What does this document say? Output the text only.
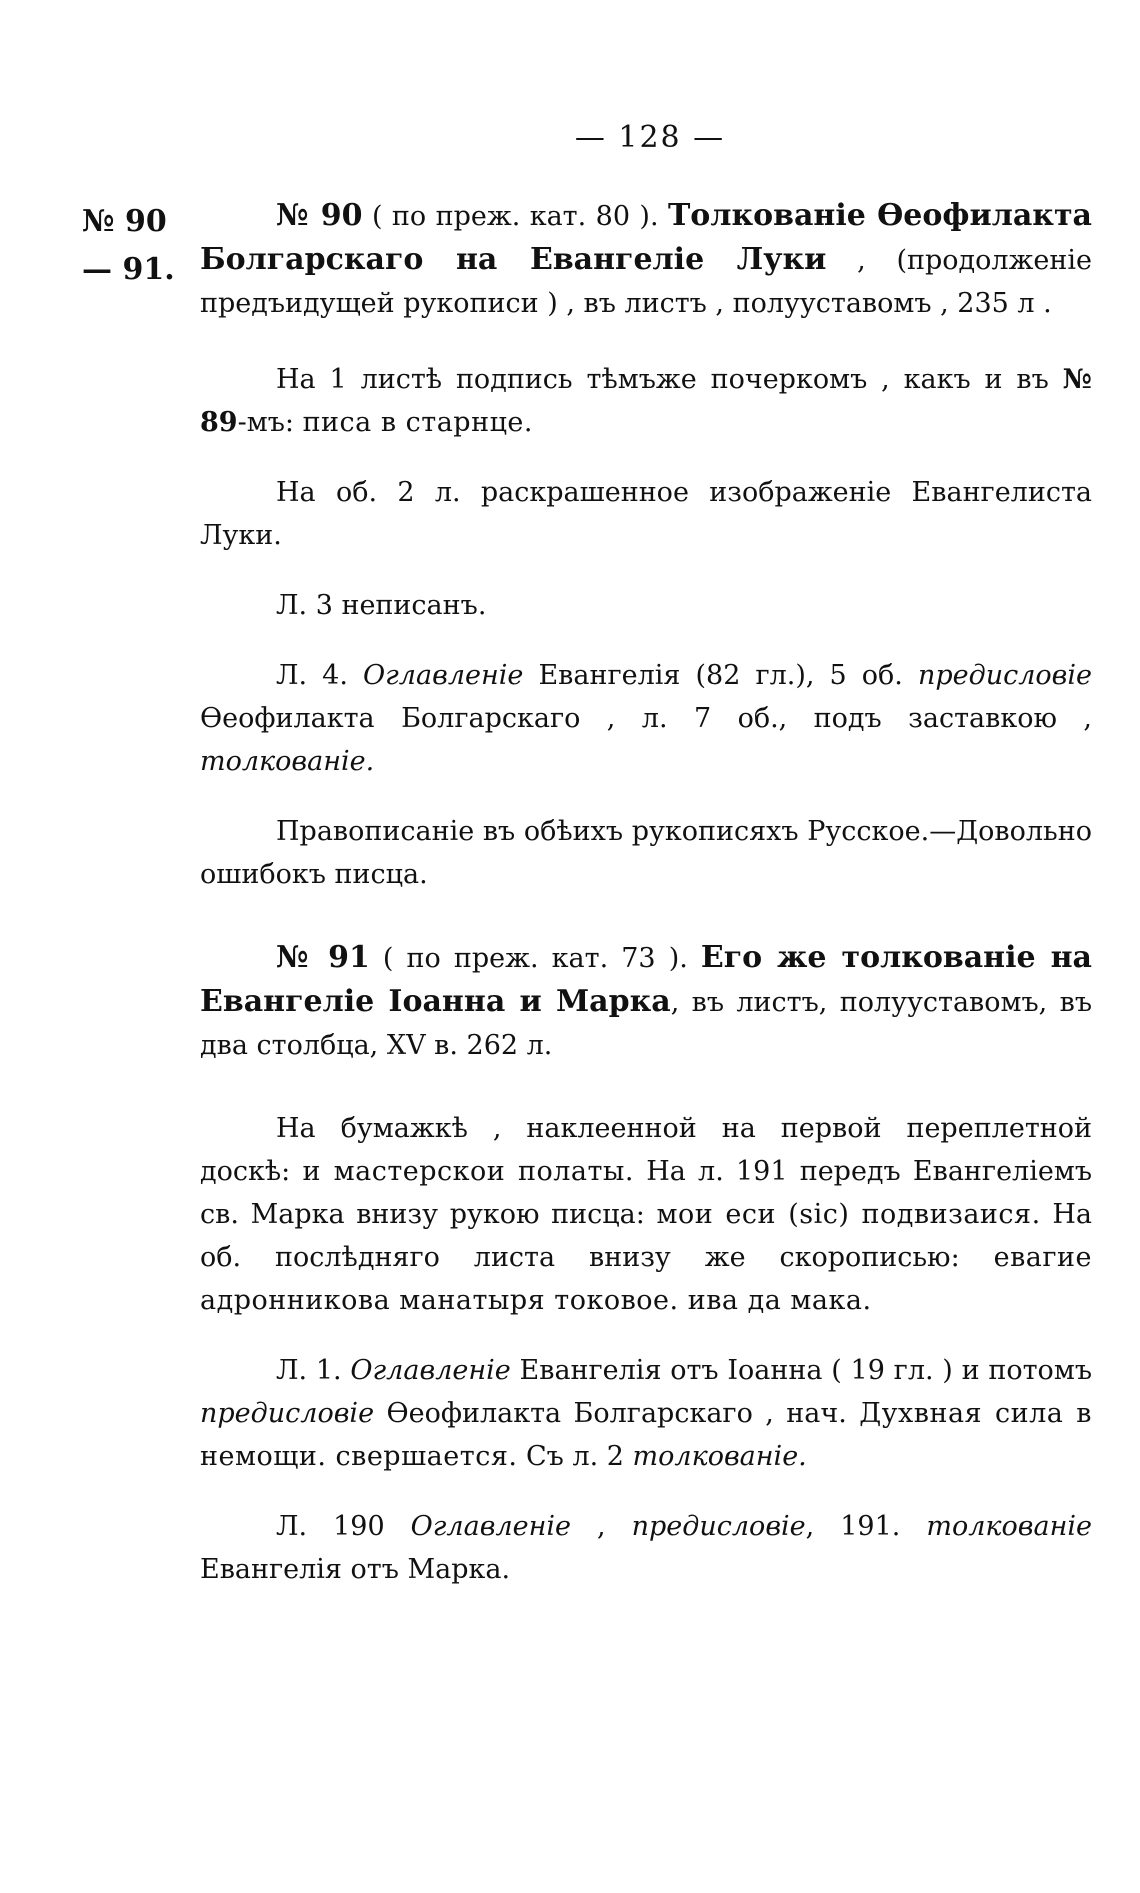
— 128 —
№ 90
— 91.

№ 90 ( по преж. кат. 80 ). Толкованіе Ѳеофилакта Болгарскаго на Евангеліе Луки , (продолженіе предъидущей рукописи ) , въ листъ , полууставомъ , 235 л .

На 1 листѣ подпись тѣмъже почеркомъ , какъ и въ № 89-мъ: писа в старнце.

На об. 2 л. раскрашенное изображеніе Евангелиста Луки.

Л. 3 неписанъ.

Л. 4. Оглавленіе Евангелія (82 гл.), 5 об. предисловіе Ѳеофилакта Болгарскаго , л. 7 об., подъ заставкою , толкованіе.

Правописаніе въ обѣихъ рукописяхъ Русское.—Довольно ошибокъ писца.

№ 91 ( по преж. кат. 73 ). Его же толкованіе на Евангеліе Іоанна и Марка, въ листъ, полууставомъ, въ два столбца, XV в. 262 л.

На бумажкѣ , наклеенной на первой переплетной доскѣ: и мастерскои полаты. На л. 191 передъ Евангеліемъ св. Марка внизу рукою писца: мои еси (sic) подвизаися. На об. послѣдняго листа внизу же скорописью: евагие адронникова манатыря токовое. ива да мака.

Л. 1. Оглавленіе Евангелія отъ Іоанна ( 19 гл. ) и потомъ предисловіе Ѳеофилакта Болгарскаго , нач. Духвная сила в немощи. свершается. Съ л. 2 толкованіе.

Л. 190 Оглавленіе , предисловіе, 191. толкованіе Евангелія отъ Марка.
